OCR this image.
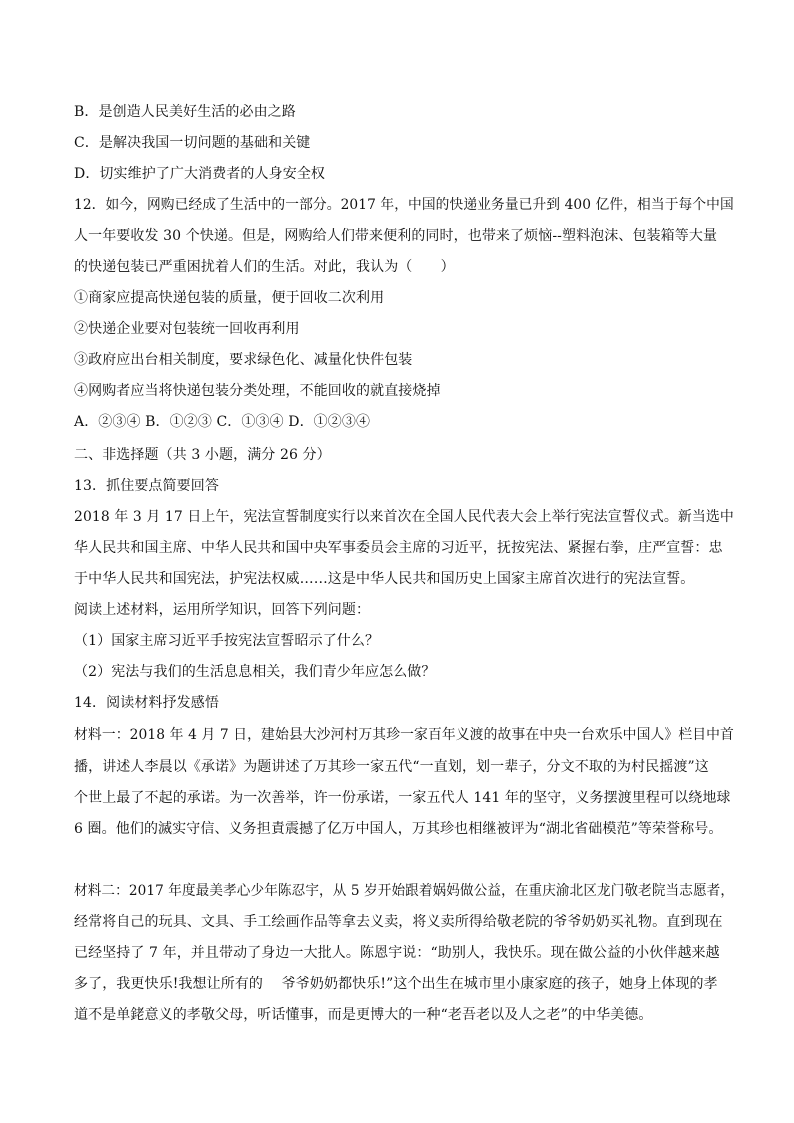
B．是创造人民美好生活的必由之路
C．是解决我国一切问题的基础和关键
D．切实维护了广大消费者的人身安全权
12．如今，网购已经成了生活中的一部分。2017 年，中国的快递业务量已升到 400 亿件，相当于每个中国
人一年要收发 30 个快递。但是，网购给人们带来便利的同时，也带来了烦恼--塑料泡沫、包装箱等大量
的快递包装已严重困扰着人们的生活。对此，我认为（　　）
①商家应提高快递包装的质量，便于回收二次利用
②快递企业要对包装统一回收再利用
③政府应出台相关制度，要求绿色化、减量化快件包装
④网购者应当将快递包装分类处理，不能回收的就直接烧掉
A．②③④ B．①②③ C．①③④ D．①②③④
二、非选择题（共 3 小题，满分 26 分）
13．抓住要点简要回答
2018 年 3 月 17 日上午，宪法宣誓制度实行以来首次在全国人民代表大会上举行宪法宣誓仪式。新当选中
华人民共和国主席、中华人民共和国中央军事委员会主席的习近平，抚按宪法、紧握右拳，庄严宣誓：忠
于中华人民共和国宪法，护宪法权威……这是中华人民共和国历史上国家主席首次进行的宪法宣誓。
阅读上述材料，运用所学知识，回答下列问题：
（1）国家主席习近平手按宪法宣誓昭示了什么？
（2）宪法与我们的生活息息相关，我们青少年应怎么做？
14．阅读材料抒发感悟
材料一：2018 年 4 月 7 日，建始县大沙河村万其珍一家百年义渡的故事在中央一台欢乐中国人》栏目中首
播，讲述人李晨以《承诺》为题讲述了万其珍一家五代“一直划，划一辈子，分文不取的为村民摇渡”这
个世上最了不起的承诺。为一次善举，许一份承诺，一家五代人 141 年的坚守，义务摆渡里程可以绕地球
6 圈。他们的滅实守信、义务担責震撼了亿万中国人，万其珍也相继被评为“湖北省础模范”等荣誉称号。
材料二：2017 年度最美孝心少年陈忍宇，从 5 岁开始跟着娲妈做公益，在重庆渝北区龙门敬老院当志愿者，
经常将自己的玩具、文具、手工绘画作品等拿去义卖，将义卖所得给敬老院的爷爷奶奶买礼物。直到现在
已经坚持了 7 年，并且带动了身边一大批人。陈恩宇说：“助别人，我快乐。现在做公益的小伙伴越来越
多了，我更快乐!我想让所有的　 爷爷奶奶都快乐!”这个出生在城市里小康家庭的孩子，她身上体现的孝
道不是单銠意义的孝敬父母，听话懂事，而是更博大的一种“老吾老以及人之老”的中华美德。
